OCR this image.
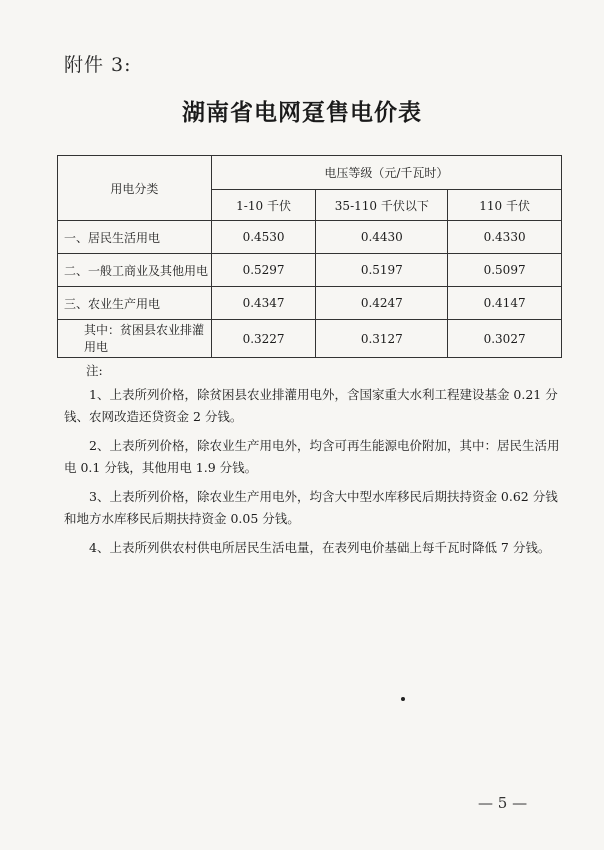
附件 3:
湖南省电网趸售电价表
用电分类	电压等级（元/千瓦时）		
	1-10 千伏	35-110 千伏以下	110 千伏
一、居民生活用电	0.4530	0.4430	0.4330
二、一般工商业及其他用电	0.5297	0.5197	0.5097
三、农业生产用电	0.4347	0.4247	0.4147
其中：贫困县农业排灌用电	0.3227	0.3127	0.3027
注:

1、上表所列价格，除贫困县农业排灌用电外，含国家重大水利工程建设基金 0.21 分钱、农网改造还贷资金 2 分钱。

2、上表所列价格，除农业生产用电外，均含可再生能源电价附加，其中：居民生活用电 0.1 分钱，其他用电 1.9 分钱。

3、上表所列价格，除农业生产用电外，均含大中型水库移民后期扶持资金 0.62 分钱和地方水库移民后期扶持资金 0.05 分钱。

4、上表所列供农村供电所居民生活电量，在表列电价基础上每千瓦时降低 7 分钱。

— 5 —
